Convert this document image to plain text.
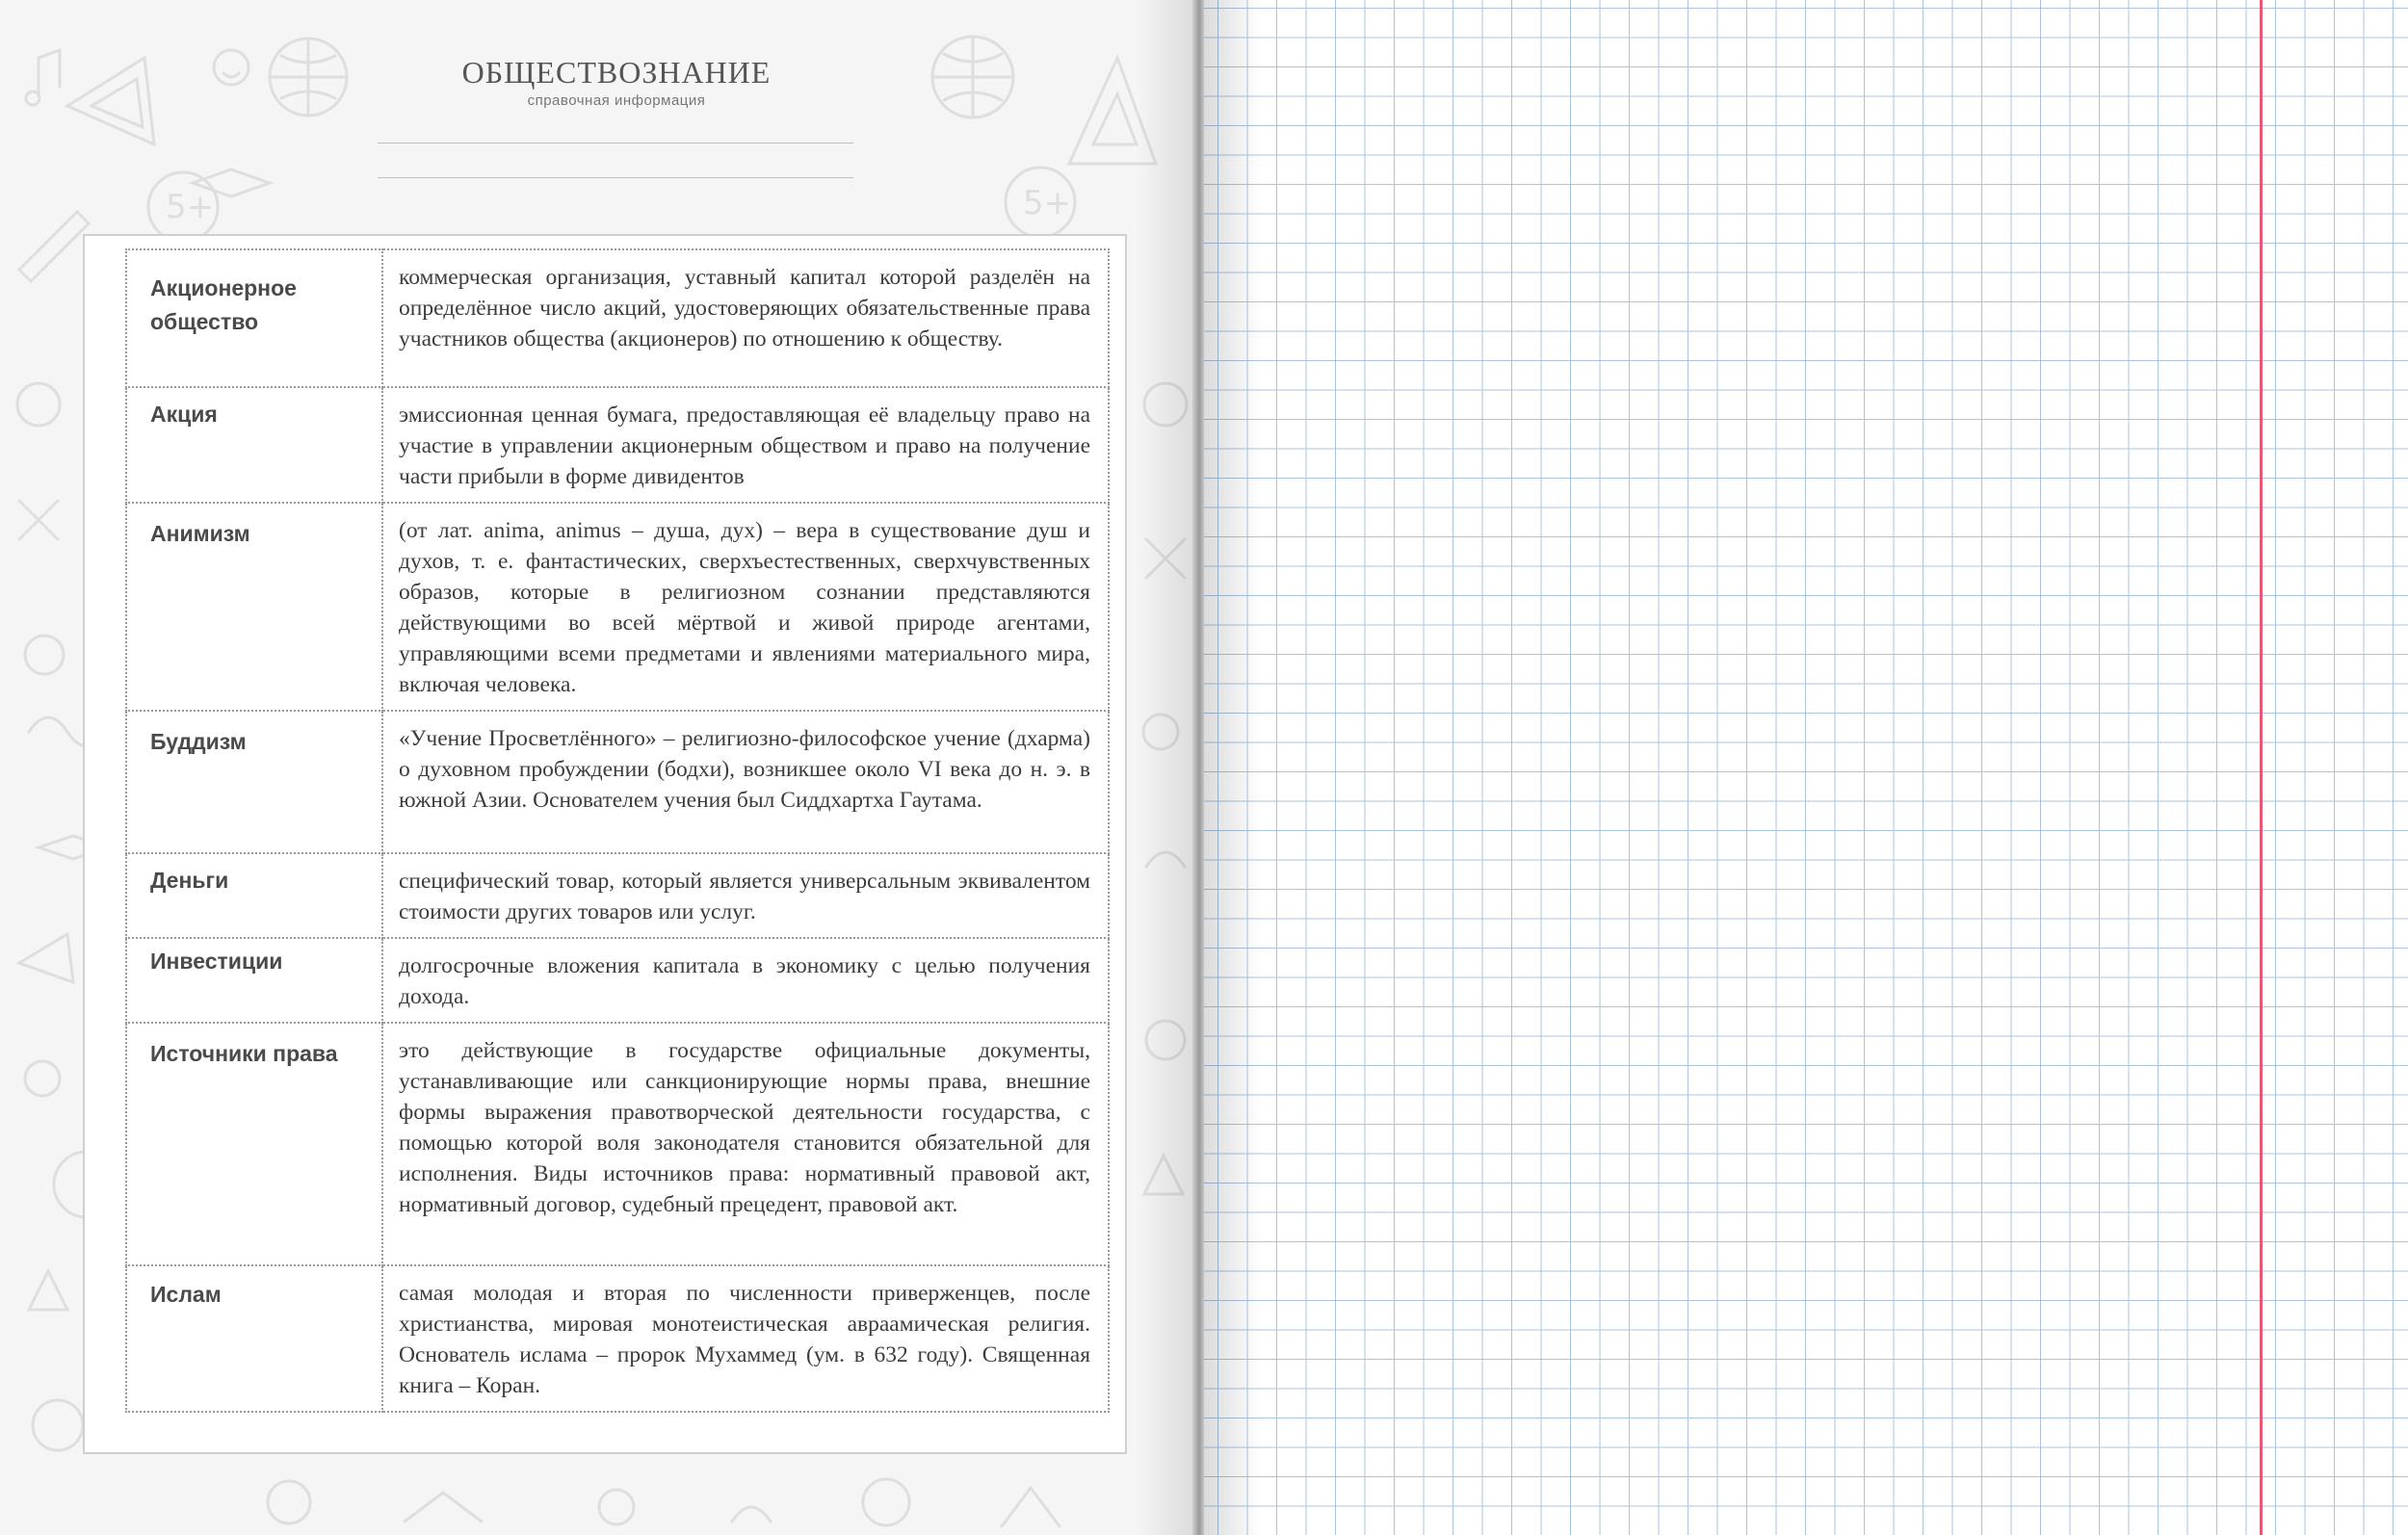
5+	5+
ОБЩЕСТВОЗНАНИЕ
справочная информация
Акционерное общество	коммерческая организация, уставный капитал которой разделён на определённое число акций, удостоверяющих обязательственные права участников общества (акционеров) по отношению к обществу.
Акция	эмиссионная ценная бумага, предоставляющая её владельцу право на участие в управлении акционерным обществом и право на получение части прибыли в форме дивидентов
Анимизм	(от лат. anima, animus – душа, дух) – вера в существование душ и духов, т. е. фантастических, сверхъестественных, сверхчувственных образов, которые в религиозном сознании представляются действующими во всей мёртвой и живой природе агентами, управляющими всеми предметами и явлениями материального мира, включая человека.
Буддизм	«Учение Просветлённого» – религиозно-философское учение (дхарма) о духовном пробуждении (бодхи), возникшее около VI века до н. э. в южной Азии. Основателем учения был Сиддхартха Гаутама.
Деньги	специфический товар, который является универсальным эквивалентом стоимости других товаров или услуг.
Инвестиции	долгосрочные вложения капитала в экономику с целью получения дохода.
Источники права	это действующие в государстве официальные документы, устанавливающие или санкционирующие нормы права, внешние формы выражения правотворческой деятельности государства, с помощью которой воля законодателя становится обязательной для исполнения. Виды источников права: нормативный правовой акт, нормативный договор, судебный прецедент, правовой акт.
Ислам	самая молодая и вторая по численности приверженцев, после христианства, мировая монотеистическая авраамическая религия. Основатель ислама – пророк Мухаммед (ум. в 632 году). Священная книга – Коран.
